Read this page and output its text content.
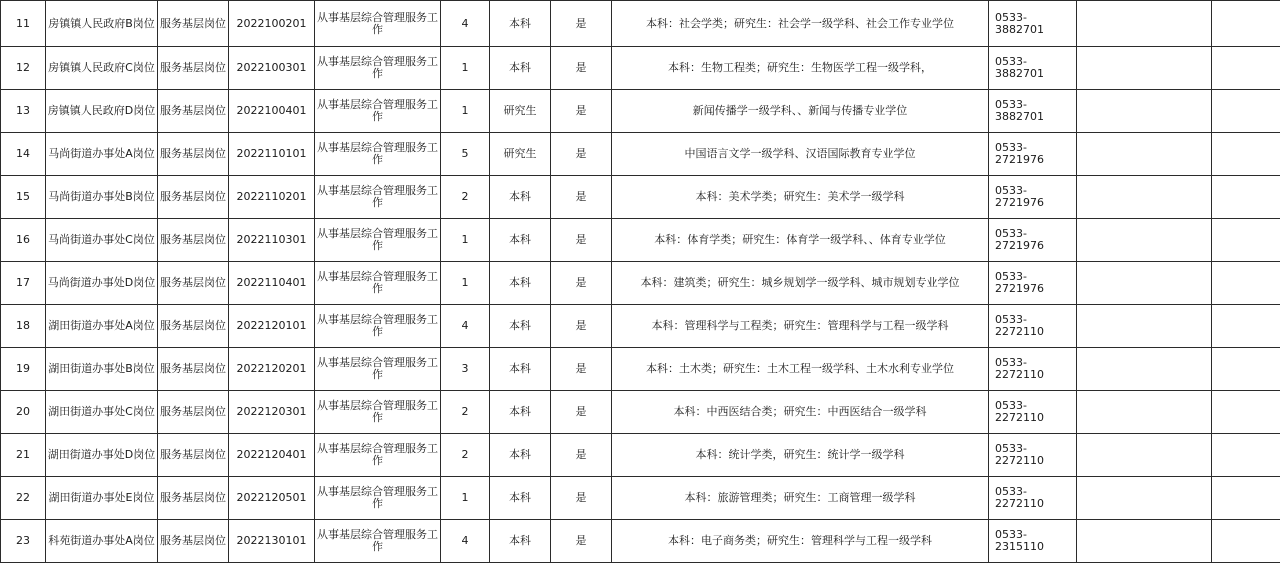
11	房镇镇人民政府B岗位	服务基层岗位	2022100201	从事基层综合管理服务工作	4	本科	是	本科：社会学类；研究生：社会学一级学科、社会工作专业学位	0533-3882701		
12	房镇镇人民政府C岗位	服务基层岗位	2022100301	从事基层综合管理服务工作	1	本科	是	本科：生物工程类；研究生：生物医学工程一级学科，	0533-3882701		
13	房镇镇人民政府D岗位	服务基层岗位	2022100401	从事基层综合管理服务工作	1	研究生	是	新闻传播学一级学科、、新闻与传播专业学位	0533-3882701		
14	马尚街道办事处A岗位	服务基层岗位	2022110101	从事基层综合管理服务工作	5	研究生	是	中国语言文学一级学科、汉语国际教育专业学位	0533-2721976		
15	马尚街道办事处B岗位	服务基层岗位	2022110201	从事基层综合管理服务工作	2	本科	是	本科：美术学类；研究生：美术学一级学科	0533-2721976		
16	马尚街道办事处C岗位	服务基层岗位	2022110301	从事基层综合管理服务工作	1	本科	是	本科：体育学类；研究生：体育学一级学科、、体育专业学位	0533-2721976		
17	马尚街道办事处D岗位	服务基层岗位	2022110401	从事基层综合管理服务工作	1	本科	是	本科：建筑类；研究生：城乡规划学一级学科、城市规划专业学位	0533-2721976		
18	湖田街道办事处A岗位	服务基层岗位	2022120101	从事基层综合管理服务工作	4	本科	是	本科：管理科学与工程类；研究生：管理科学与工程一级学科	0533-2272110		
19	湖田街道办事处B岗位	服务基层岗位	2022120201	从事基层综合管理服务工作	3	本科	是	本科：土木类；研究生：土木工程一级学科、土木水利专业学位	0533-2272110		
20	湖田街道办事处C岗位	服务基层岗位	2022120301	从事基层综合管理服务工作	2	本科	是	本科：中西医结合类；研究生：中西医结合一级学科	0533-2272110		
21	湖田街道办事处D岗位	服务基层岗位	2022120401	从事基层综合管理服务工作	2	本科	是	本科：统计学类，研究生：统计学一级学科	0533-2272110		
22	湖田街道办事处E岗位	服务基层岗位	2022120501	从事基层综合管理服务工作	1	本科	是	本科：旅游管理类；研究生：工商管理一级学科	0533-2272110		
23	科苑街道办事处A岗位	服务基层岗位	2022130101	从事基层综合管理服务工作	4	本科	是	本科：电子商务类；研究生：管理科学与工程一级学科	0533-2315110		
